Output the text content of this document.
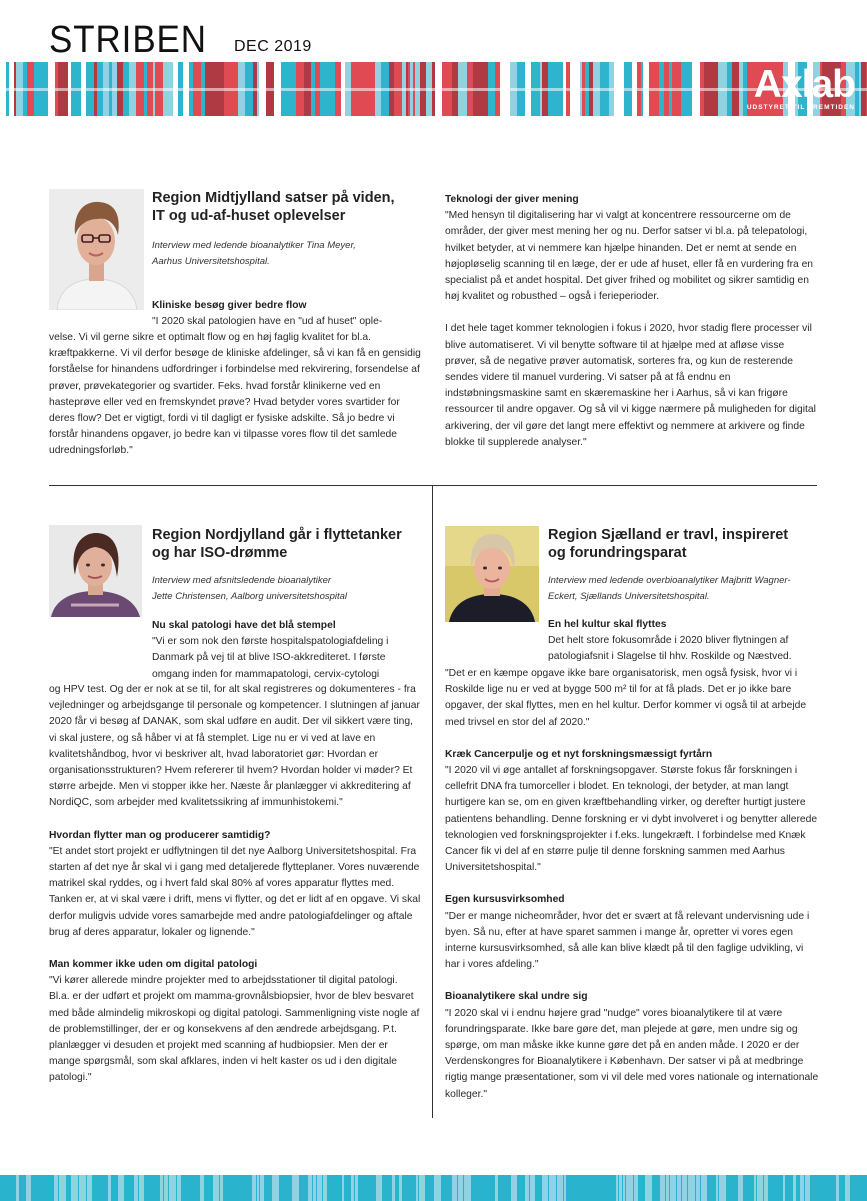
STRIBEN DEC 2019
Axlab
UDSTYRET TIL FREMTIDEN
Region Midtjylland satser på viden,
IT og ud-af-huset oplevelser
Interview med ledende bioanalytiker Tina Meyer,
Aarhus Universitetshospital.
Kliniske besøg giver bedre flow

"I 2020 skal patologien have en "ud af huset" ople-

velse. Vi vil gerne sikre et optimalt flow og en høj faglig kvalitet for bl.a. kræftpakkerne. Vi vil derfor besøge de kliniske afdelinger, så vi kan få en gensidig forståelse for hinandens udfordringer i forbindelse med rekvirering, forsendelse af prøver, prøvekategorier og svartider. Feks. hvad forstår klinikerne ved en hasteprøve eller ved en fremskyndet prøve? Hvad betyder vores svartider for deres flow? Det er vigtigt, fordi vi til dagligt er fysiske adskilte. Så jo bedre vi forstår hinandens opgaver, jo bedre kan vi tilpasse vores flow til det samlede udredningsforløb."

Teknologi der giver mening

"Med hensyn til digitalisering har vi valgt at koncentrere ressourcerne om de områder, der giver mest mening her og nu. Derfor satser vi bl.a. på telepatologi, hvilket betyder, at vi nemmere kan hjælpe hinanden. Det er nemt at sende en højopløselig scanning til en læge, der er ude af huset, eller få en vurdering fra en specialist på et andet hospital. Det giver frihed og mobilitet og sikrer samtidig en høj kvalitet og robusthed – også i ferieperioder.

I det hele taget kommer teknologien i fokus i 2020, hvor stadig flere processer vil blive automatiseret. Vi vil benytte software til at hjælpe med at afløse visse prøver, så de negative prøver automatisk, sorteres fra, og kun de resterende sendes videre til manuel vurdering. Vi satser på at få endnu en indstøbningsmaskine samt en skæremaskine her i Aarhus, så vi kan frigøre ressourcer til andre opgaver. Og så vil vi kigge nærmere på muligheden for digital arkivering, der vil gøre det langt mere effektivt og nemmere at arkivere og finde blokke til supplerede analyser."

Region Nordjylland går i flyttetanker
og har ISO-drømme
Interview med afsnitsledende bioanalytiker
Jette Christensen, Aalborg universitetshospital
Nu skal patologi have det blå stempel

"Vi er som nok den første hospitalspatologiafdeling i Danmark på vej til at blive ISO-akkrediteret. I første omgang inden for mammapatologi, cervix-cytologi

og HPV test. Og der er nok at se til, for alt skal registreres og dokumenteres - fra vejledninger og arbejdsgange til personale og kompetencer. I slutningen af januar 2020 får vi besøg af DANAK, som skal udføre en audit. Der vil sikkert være ting, vi skal justere, og så håber vi at få stemplet. Lige nu er vi ved at lave en kvalitetshåndbog, hvor vi beskriver alt, hvad laboratoriet gør: Hvordan er organisationsstrukturen? Hvem refererer til hvem? Hvordan holder vi møder? Et større arbejde. Men vi stopper ikke her. Næste år planlægger vi akkreditering af NordiQC, som arbejder med kvalitetssikring af immunhistokemi."

Hvordan flytter man og producerer samtidig?

"Et andet stort projekt er udflytningen til det nye Aalborg Universitetshospital. Fra starten af det nye år skal vi i gang med detaljerede flytteplaner. Vores nuværende matrikel skal ryddes, og i hvert fald skal 80% af vores apparatur flyttes med. Tanken er, at vi skal være i drift, mens vi flytter, og det er lidt af en opgave. Vi skal derfor muligvis udvide vores samarbejde med andre patologiafdelinger og aftale brug af deres apparatur, lokaler og lignende."

Man kommer ikke uden om digital patologi

"Vi kører allerede mindre projekter med to arbejdsstationer til digital patologi. Bl.a. er der udført et projekt om mamma-grovnålsbiopsier, hvor de blev besvaret med både almindelig mikroskopi og digital patologi. Sammenligning viste nogle af de problemstillinger, der er og konsekvens af den ændrede arbejdsgang. P.t. planlægger vi desuden et projekt med scanning af hudbiopsier. Men der er mange spørgsmål, som skal afklares, inden vi helt kaster os ud i den digitale patologi."

Region Sjælland er travl, inspireret
og forundringsparat
Interview med ledende overbioanalytiker Majbritt Wagner-Eckert, Sjællands Universitetshospital.
En hel kultur skal flyttes

Det helt store fokusområde i 2020 bliver flytningen af patologiafsnit i Slagelse til hhv. Roskilde og Næstved.

"Det er en kæmpe opgave ikke bare organisatorisk, men også fysisk, hvor vi i Roskilde lige nu er ved at bygge 500 m² til for at få plads. Det er jo ikke bare opgaver, der skal flyttes, men en hel kultur. Derfor kommer vi også til at arbejde med trivsel en stor del af 2020."

Kræk Cancerpulje og et nyt forskningsmæssigt fyrtårn

"I 2020 vil vi øge antallet af forskningsopgaver. Største fokus får forskningen i cellefrit DNA fra tumorceller i blodet. En teknologi, der betyder, at man langt hurtigere kan se, om en given kræftbehandling virker, og derefter hurtigt justere patientens behandling. Denne forskning er vi dybt involveret i og benytter allerede teknologien ved forskningsprojekter i f.eks. lungekræft. I forbindelse med Knæk Cancer fik vi del af en større pulje til denne forskning sammen med Aarhus Universitetshospital."

Egen kursusvirksomhed

"Der er mange nicheområder, hvor det er svært at få relevant undervisning ude i byen. Så nu, efter at have sparet sammen i mange år, opretter vi vores egen interne kursusvirksomhed, så alle kan blive klædt på til den faglige udvikling, vi har i vores afdeling."

Bioanalytikere skal undre sig

"I 2020 skal vi i endnu højere grad "nudge" vores bioanalytikere til at være forundringsparate. Ikke bare gøre det, man plejede at gøre, men undre sig og spørge, om man måske ikke kunne gøre det på en anden måde. I 2020 er der Verdenskongres for Bioanalytikere i København. Der satser vi på at medbringe rigtig mange præsentationer, som vi vil dele med vores nationale og internationale kolleger."
